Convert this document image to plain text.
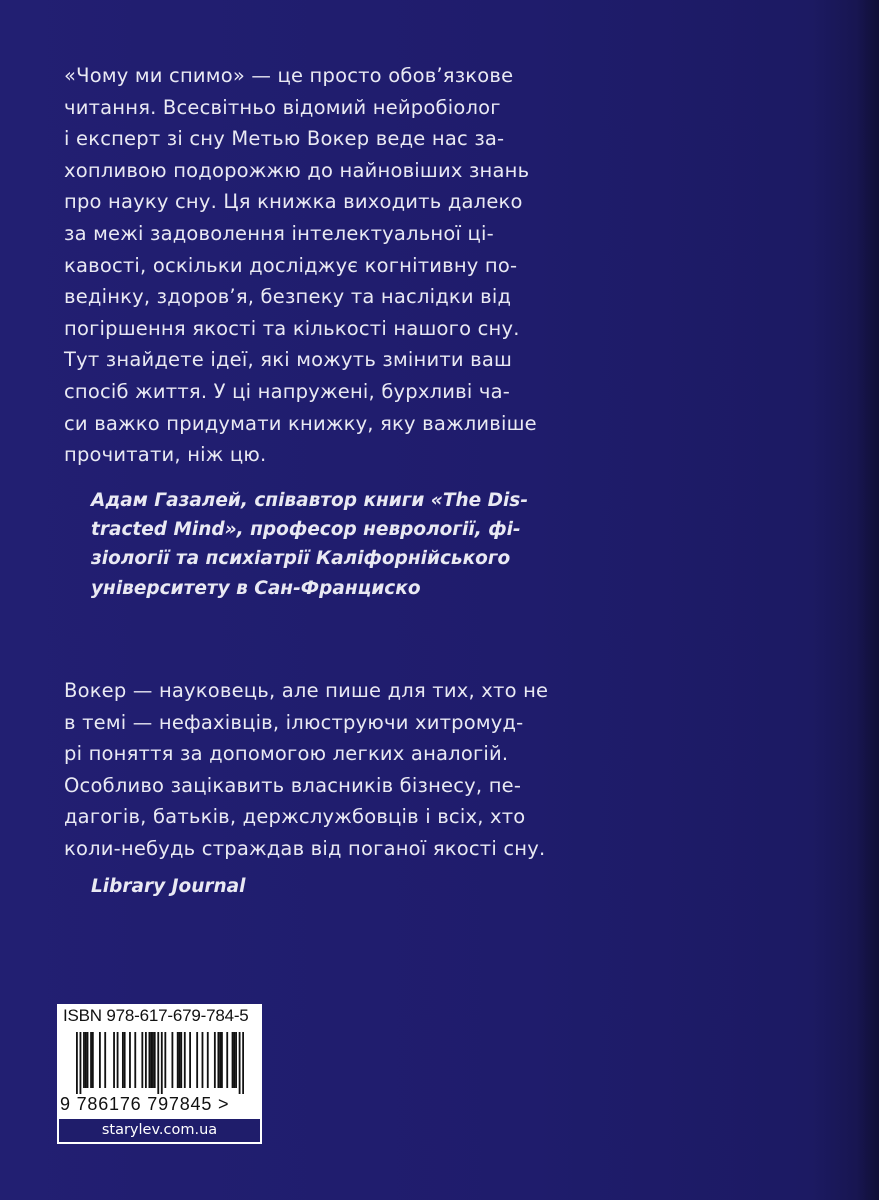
«Чому ми спимо» — це просто обов’язкове
читання. Всесвітньо відомий нейробіолог
і експерт зі сну Метью Вокер веде нас за-
хопливою подорожжю до найновіших знань
про науку сну. Ця книжка виходить далеко
за межі задоволення інтелектуальної ці-
кавості, оскільки досліджує когнітивну по-
ведінку, здоров’я, безпеку та наслідки від
погіршення якості та кількості нашого сну.
Тут знайдете ідеї, які можуть змінити ваш
спосіб життя. У ці напружені, бурхливі ча-
си важко придумати книжку, яку важливіше
прочитати, ніж цю.
Адам Газалей, співавтор книги «The Dis-
tracted Mind», професор неврології, фі-
зіології та психіатрії Каліфорнійського
університету в Сан-Франциско
Вокер — науковець, але пише для тих, хто не
в темі — нефахівців, ілюструючи хитромуд-
рі поняття за допомогою легких аналогій.
Особливо зацікавить власників бізнесу, пе-
дагогів, батьків, держслужбовців і всіх, хто
коли-небудь страждав від поганої якості сну.
Library Journal
ISBN 978-617-679-784-5
9 786176 797845 >
starylev.com.ua
